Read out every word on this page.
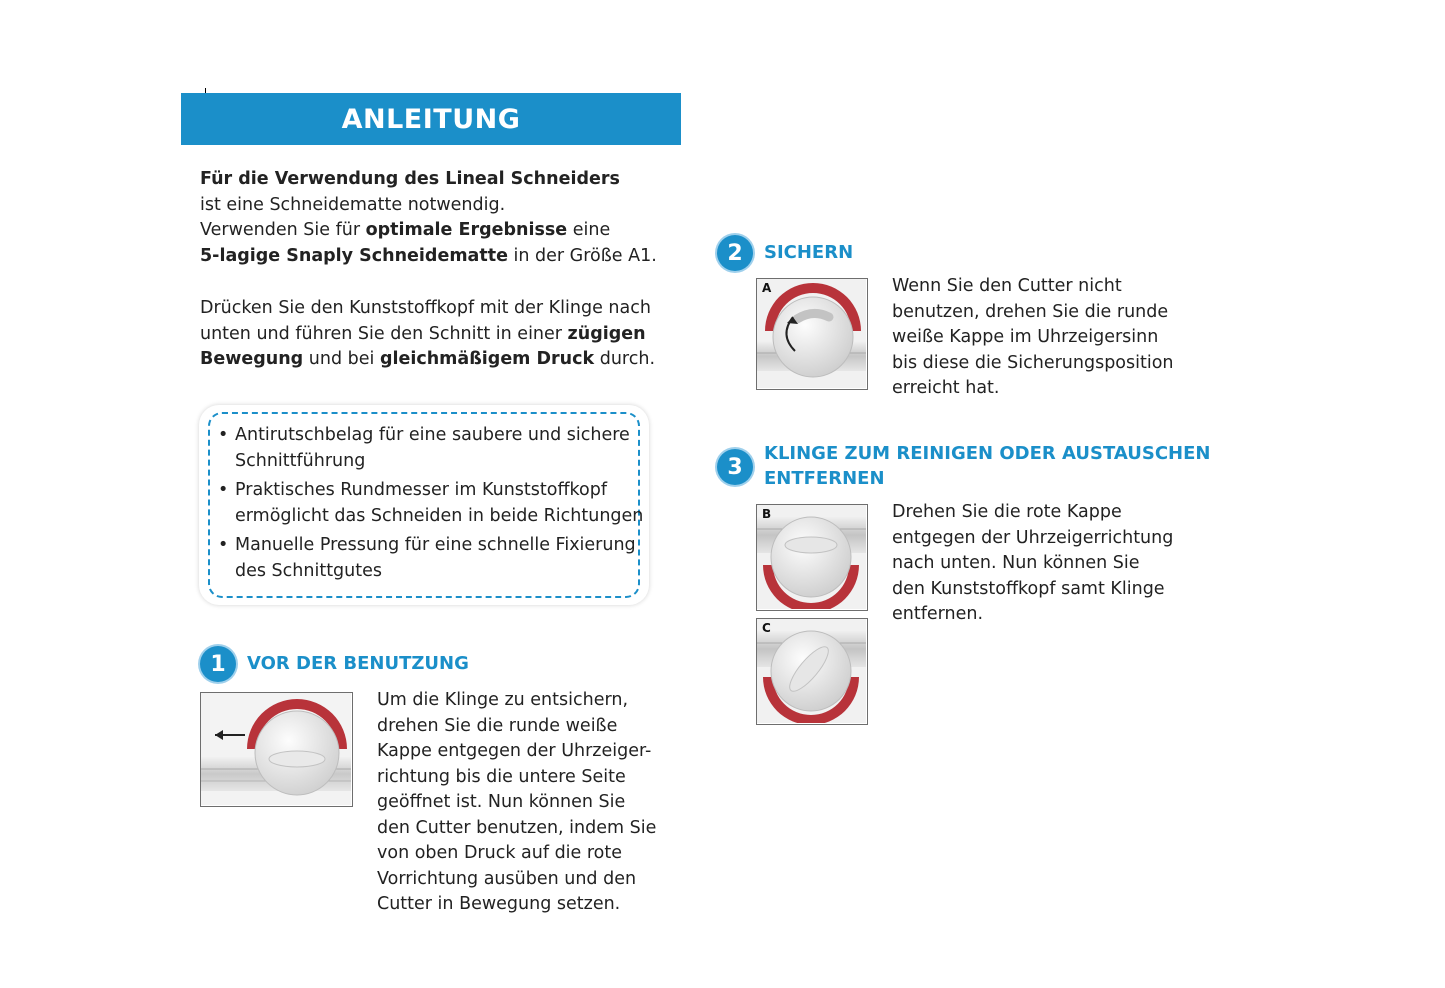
ANLEITUNG
Für die Verwendung des Lineal Schneiders
ist eine Schneidematte notwendig.
Verwenden Sie für optimale Ergebnisse eine
5-lagige Snaply Schneidematte in der Größe A1.
Drücken Sie den Kunststoffkopf mit der Klinge nach
unten und führen Sie den Schnitt in einer zügigen
Bewegung und bei gleichmäßigem Druck durch.
• Antirutschbelag für eine saubere und sichere
Schnittführung
• Praktisches Rundmesser im Kunststoffkopf
ermöglicht das Schneiden in beide Richtungen
• Manuelle Pressung für eine schnelle Fixierung
des Schnittgutes
1 VOR DER BENUTZUNG
Um die Klinge zu entsichern,
drehen Sie die runde weiße
Kappe entgegen der Uhrzeiger-
richtung bis die untere Seite
geöffnet ist. Nun können Sie
den Cutter benutzen, indem Sie
von oben Druck auf die rote
Vorrichtung ausüben und den
Cutter in Bewegung setzen.
2 SICHERN
A	Wenn Sie den Cutter nicht
benutzen, drehen Sie die runde
weiße Kappe im Uhrzeigersinn
bis diese die Sicherungsposition
erreicht hat.
3
KLINGE ZUM REINIGEN ODER AUSTAUSCHEN
ENTFERNEN
B
C
Drehen Sie die rote Kappe
entgegen der Uhrzeigerrichtung
nach unten. Nun können Sie
den Kunststoffkopf samt Klinge
entfernen.
